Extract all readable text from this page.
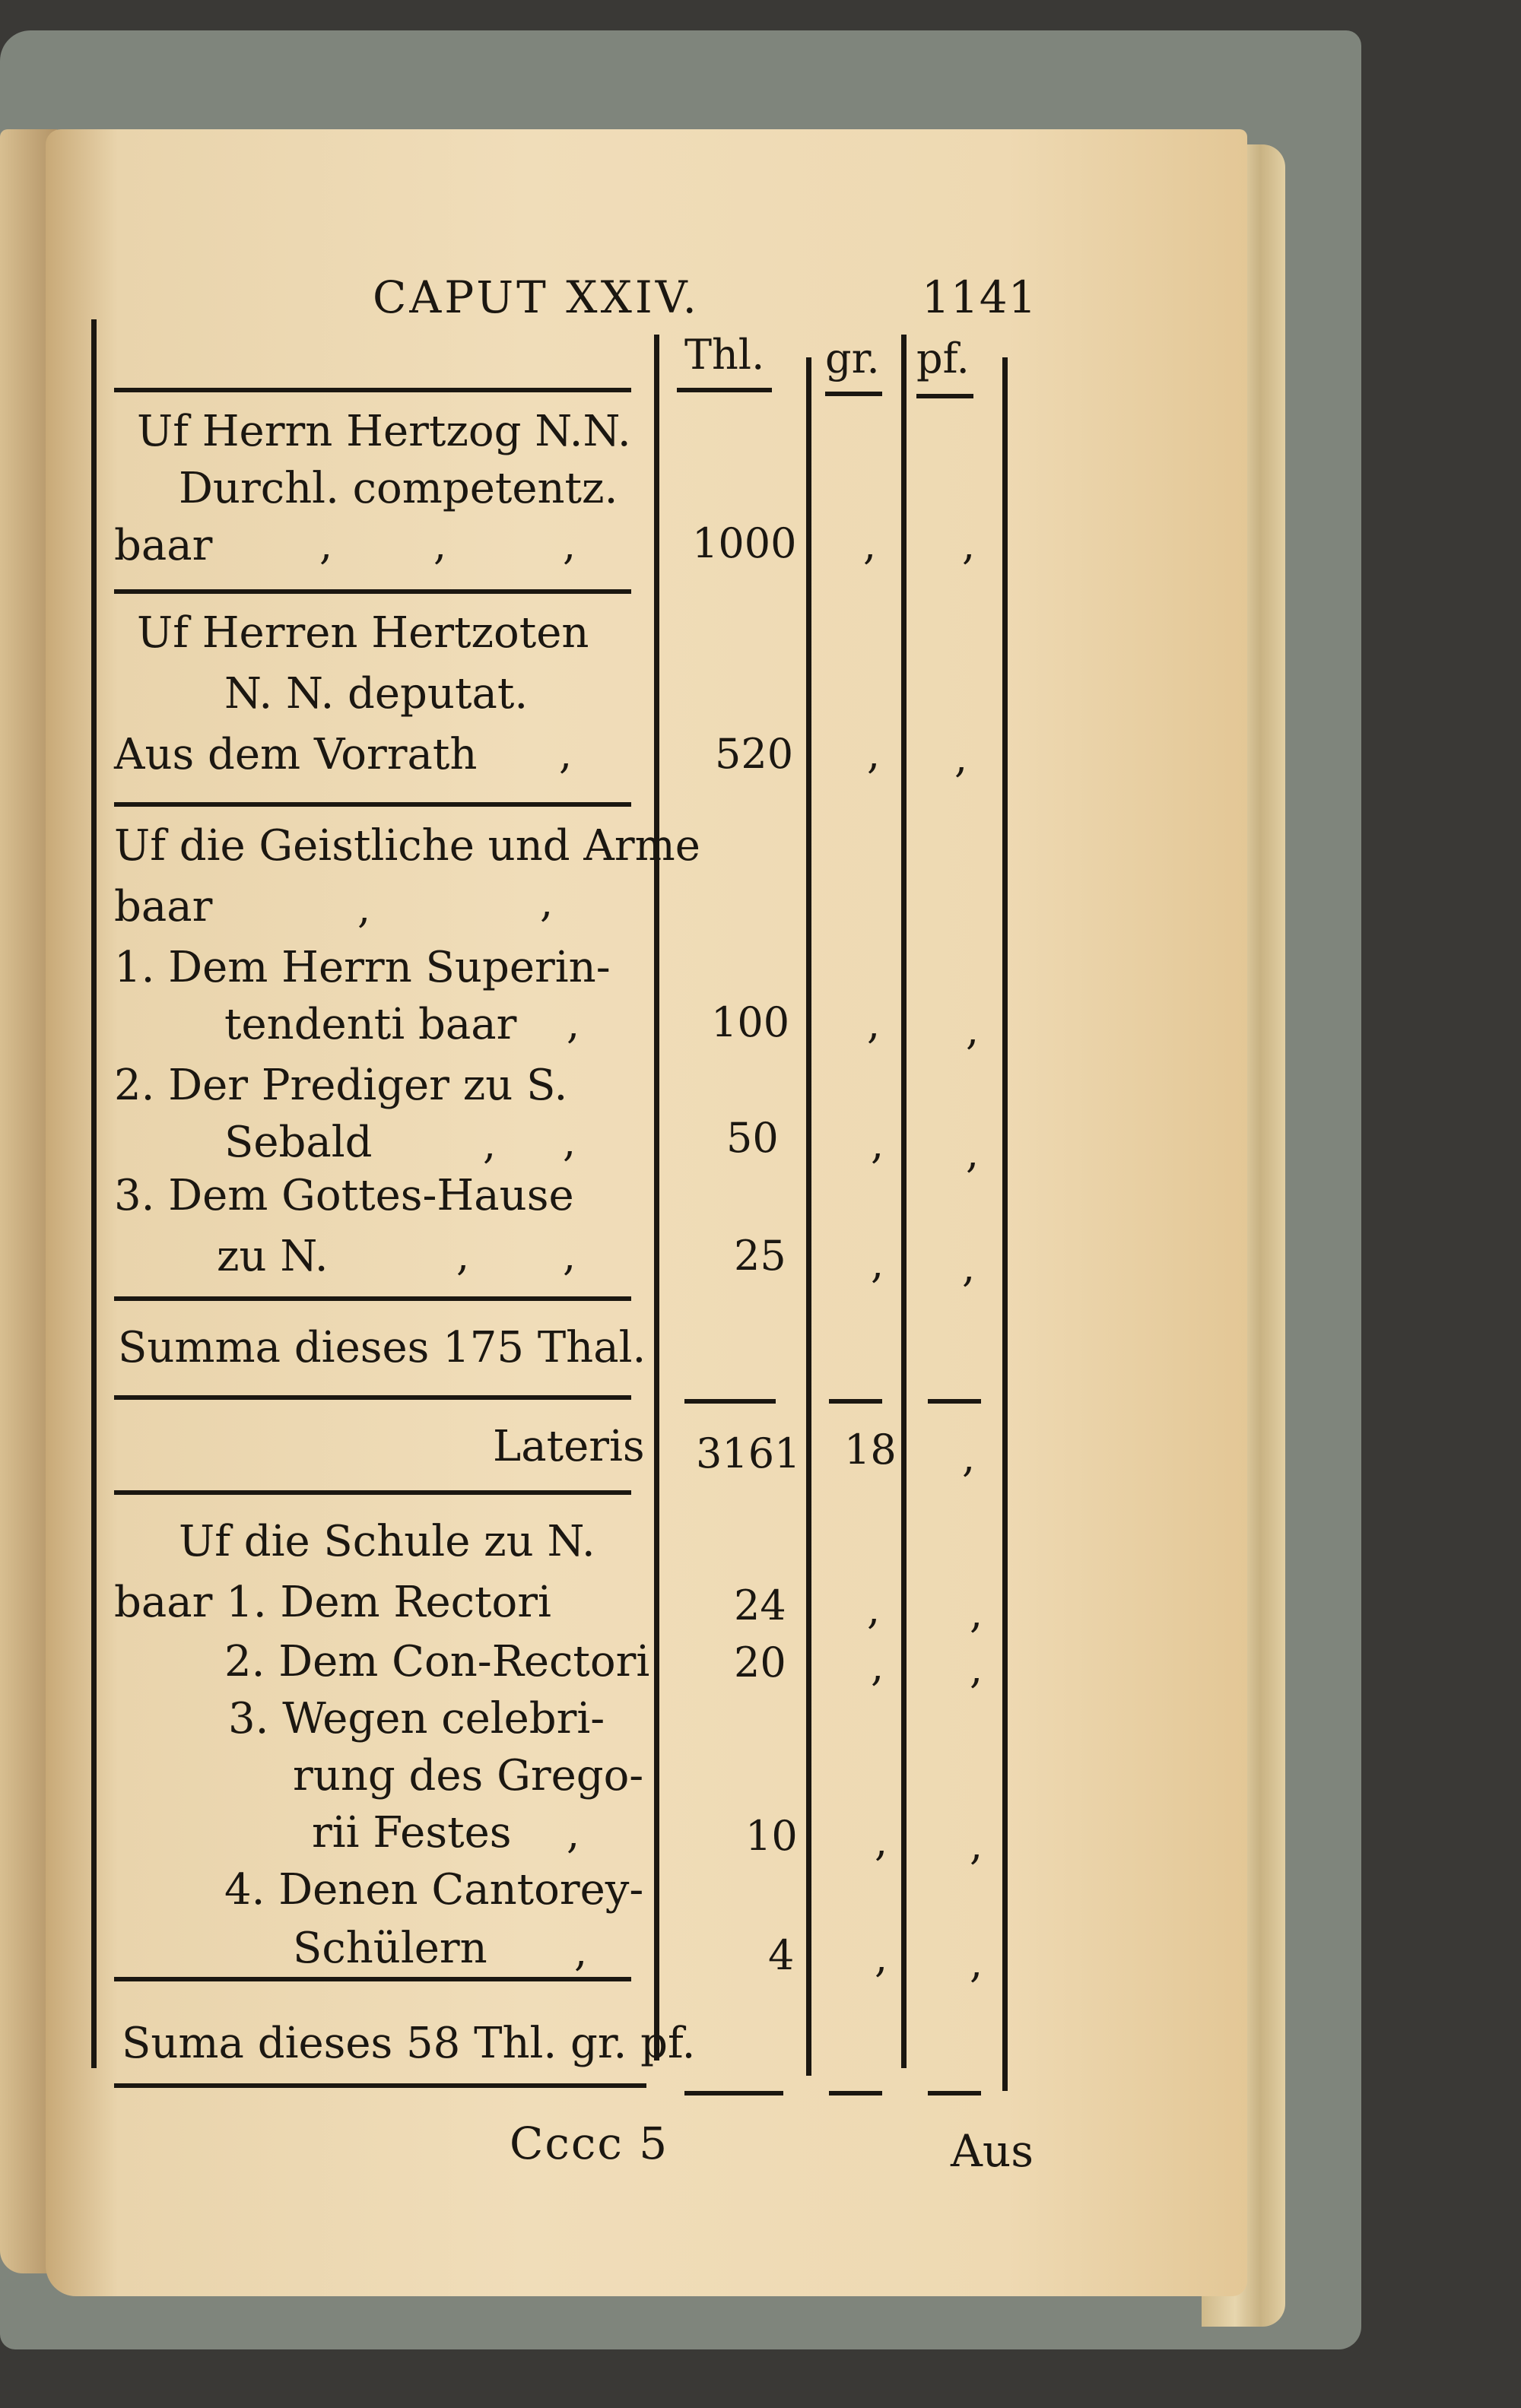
CAPUT XXIV.	1141
Thl. gr. pf.
Uf Herrn Hertzog N.N.
Durchl. competentz.
baar	, ,	,	1000 , ,
Uf Herren Hertzoten
N. N. deputat.
Aus dem Vorrath ,	520 , ,
Uf die Geistliche und Arme
baar	,	,
1. Dem Herrn Superin-
tendenti baar ,	100 , ,
2. Der Prediger zu S.
Sebald	, ,	50 , ,
3. Dem Gottes-Hause
zu N.	, ,	25 , ,
Summa dieses 175 Thal.
Lateris 3161 18 ,
Uf die Schule zu N.
baar 1. Dem Rectori	24 , ,
2. Dem Con-Rectori 20 , ,
3. Wegen celebri-
rung des Grego-
rii Festes ,	10 , ,
4. Denen Cantorey-
Schülern ,	4 , ,
Suma dieses 58 Thl. gr. pf.
Cccc 5	Aus
